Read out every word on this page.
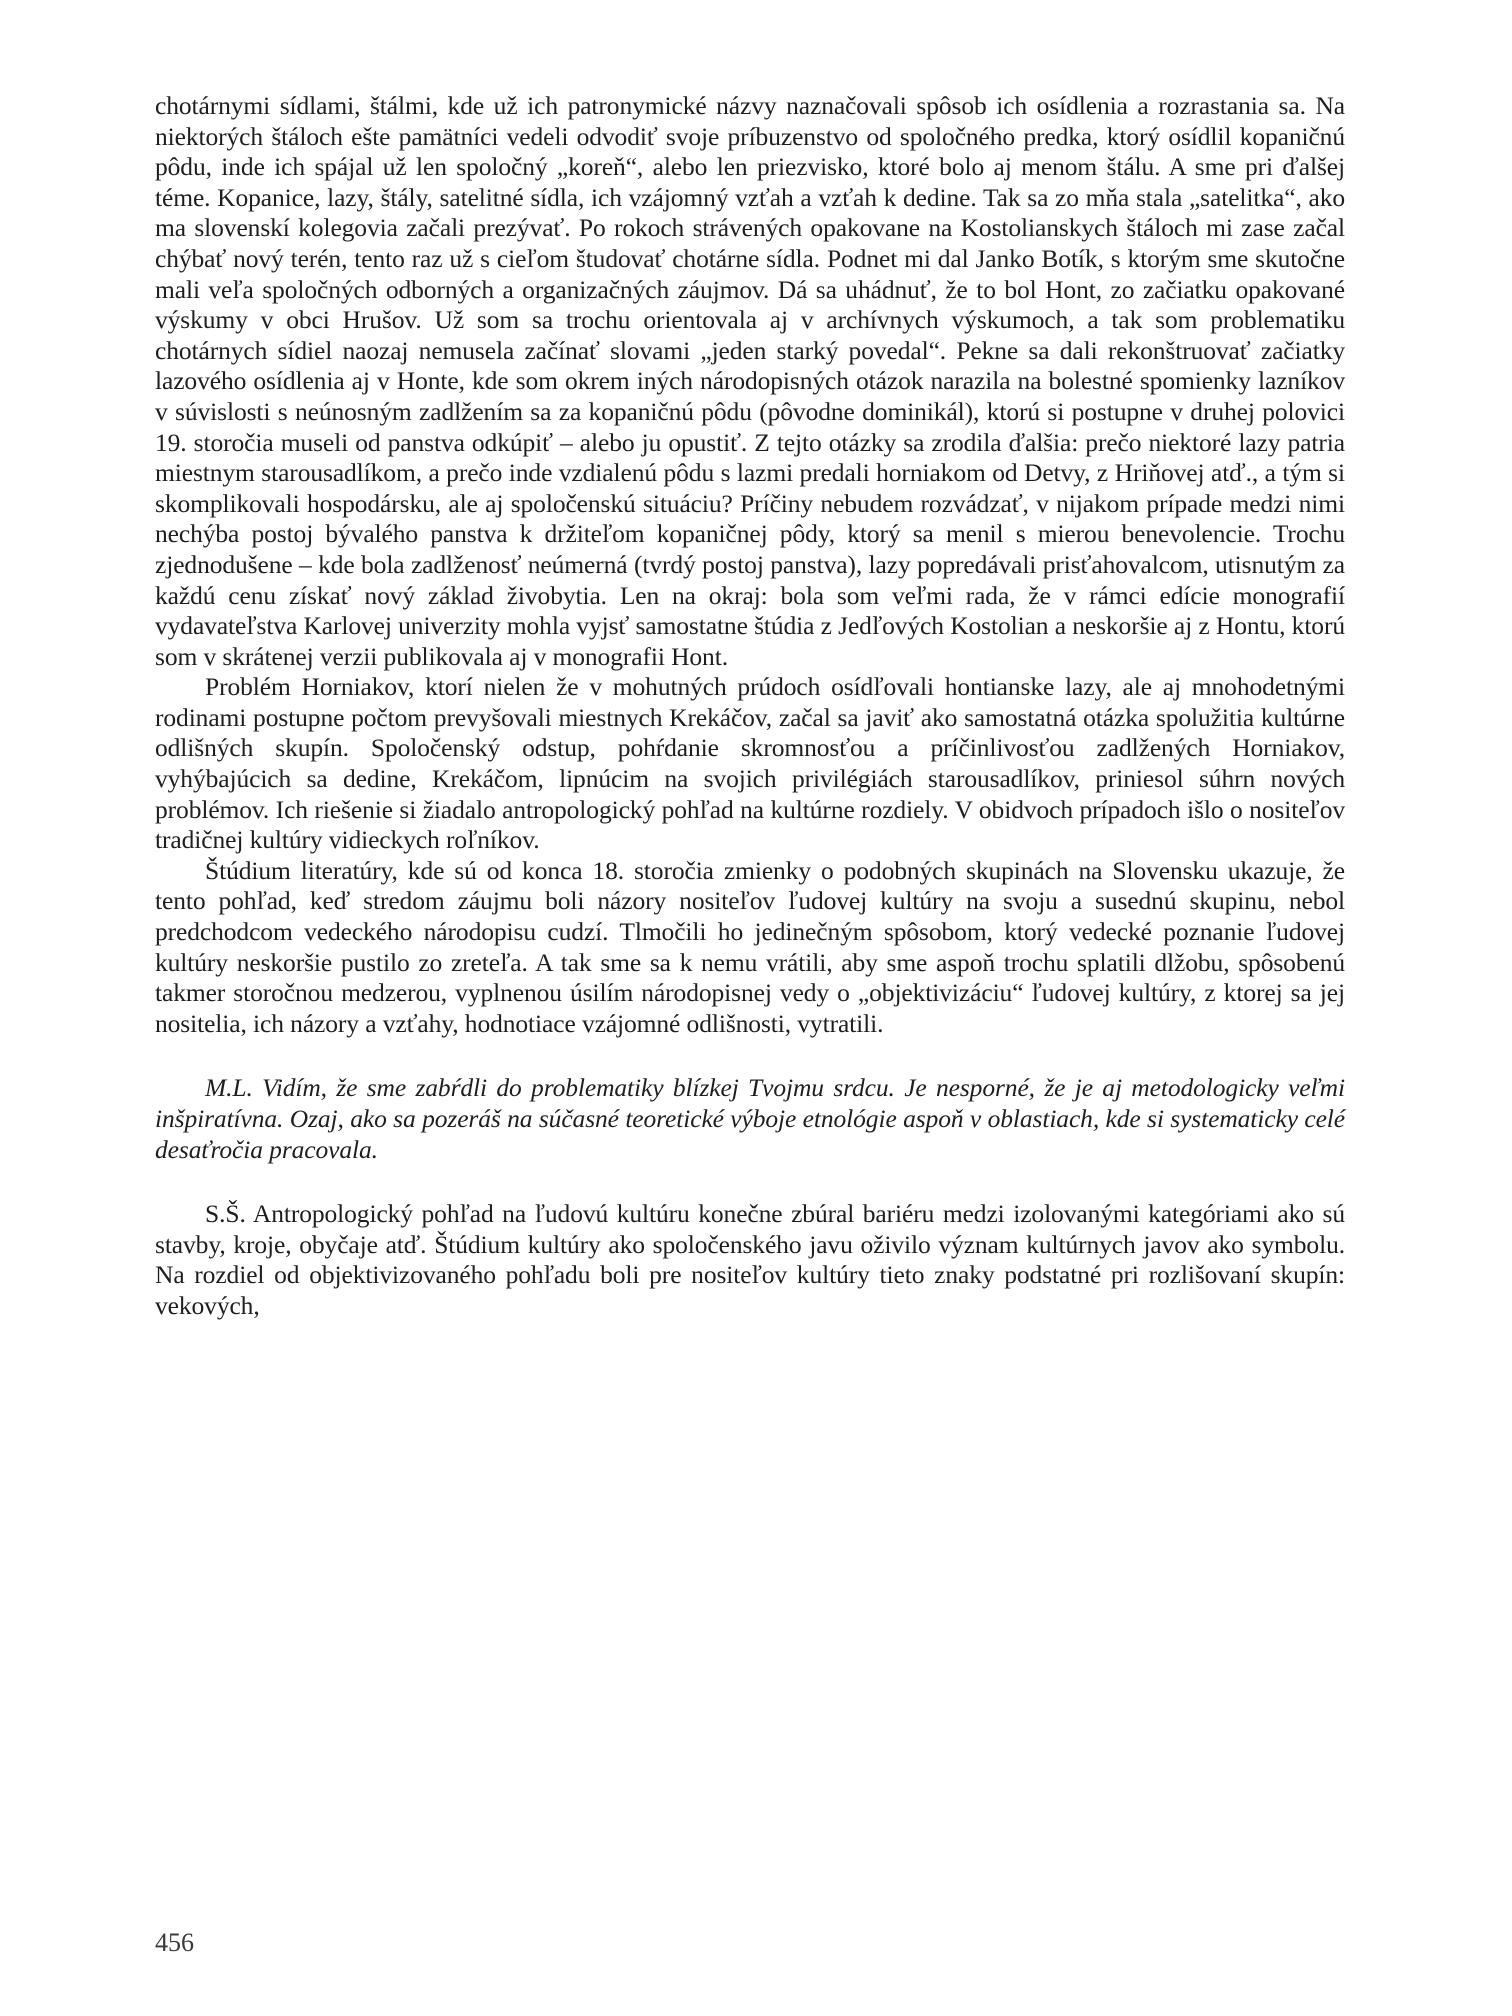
chotárnymi sídlami, štálmi, kde už ich patronymické názvy naznačovali spôsob ich osídlenia a rozrastania sa. Na niektorých štáloch ešte pamätníci vedeli odvodiť svoje príbuzenstvo od spoločného predka, ktorý osídlil kopaničnú pôdu, inde ich spájal už len spoločný „koreň“, alebo len priezvisko, ktoré bolo aj menom štálu. A sme pri ďalšej téme. Kopanice, lazy, štály, satelitné sídla, ich vzájomný vzťah a vzťah k dedine. Tak sa zo mňa stala „satelitka“, ako ma slovenskí kolegovia začali prezývať. Po rokoch strávených opakovane na Kostolianskych štáloch mi zase začal chýbať nový terén, tento raz už s cieľom študovať chotárne sídla. Podnet mi dal Janko Botík, s ktorým sme skutočne mali veľa spoločných odborných a organizačných záujmov. Dá sa uhádnuť, že to bol Hont, zo začiatku opakované výskumy v obci Hrušov. Už som sa trochu orientovala aj v archívnych výskumoch, a tak som problematiku chotárnych sídiel naozaj nemusela začínať slovami „jeden starký povedal“. Pekne sa dali rekonštruovať začiatky lazového osídlenia aj v Honte, kde som okrem iných národopisných otázok narazila na bolestné spomienky lazníkov v súvislosti s neúnosným zadlžením sa za kopaničnú pôdu (pôvodne dominikál), ktorú si postupne v druhej polovici 19. storočia museli od panstva odkúpiť – alebo ju opustiť. Z tejto otázky sa zrodila ďalšia: prečo niektoré lazy patria miestnym starousadlíkom, a prečo inde vzdialenú pôdu s lazmi predali horniakom od Detvy, z Hriňovej atď., a tým si skomplikovali hospodársku, ale aj spoločenskú situáciu? Príčiny nebudem rozvádzať, v nijakom prípade medzi nimi nechýba postoj bývalého panstva k držiteľom kopaničnej pôdy, ktorý sa menil s mierou benevolencie. Trochu zjednodušene – kde bola zadlženosť neúmerná (tvrdý postoj panstva), lazy popredávali prisťahovalcom, utisnutým za každú cenu získať nový základ živobytia. Len na okraj: bola som veľmi rada, že v rámci edície monografií vydavateľstva Karlovej univerzity mohla vyjsť samostatne štúdia z Jedľových Kostolian a neskoršie aj z Hontu, ktorú som v skrátenej verzii publikovala aj v monografii Hont.

Problém Horniakov, ktorí nielen že v mohutných prúdoch osídľovali hontianske lazy, ale aj mnohodetnými rodinami postupne počtom prevyšovali miestnych Krekáčov, začal sa javiť ako samostatná otázka spolužitia kultúrne odlišných skupín. Spoločenský odstup, pohŕdanie skromnosťou a príčinlivosťou zadlžených Horniakov, vyhýbajúcich sa dedine, Krekáčom, lipnúcim na svojich privilégiách starousadlíkov, priniesol súhrn nových problémov. Ich riešenie si žiadalo antropologický pohľad na kultúrne rozdiely. V obidvoch prípadoch išlo o nositeľov tradičnej kultúry vidieckych roľníkov.

Štúdium literatúry, kde sú od konca 18. storočia zmienky o podobných skupinách na Slovensku ukazuje, že tento pohľad, keď stredom záujmu boli názory nositeľov ľudovej kultúry na svoju a susednú skupinu, nebol predchodcom vedeckého národopisu cudzí. Tlmočili ho jedinečným spôsobom, ktorý vedecké poznanie ľudovej kultúry neskoršie pustilo zo zreteľa. A tak sme sa k nemu vrátili, aby sme aspoň trochu splatili dlžobu, spôsobenú takmer storočnou medzerou, vyplnenou úsilím národopisnej vedy o „objektivizáciu“ ľudovej kultúry, z ktorej sa jej nositelia, ich názory a vzťahy, hodnotiace vzájomné odlišnosti, vytratili.

M.L. Vidím, že sme zabŕdli do problematiky blízkej Tvojmu srdcu. Je nesporné, že je aj metodologicky veľmi inšpiratívna. Ozaj, ako sa pozeráš na súčasné teoretické výboje etnológie aspoň v oblastiach, kde si systematicky celé desaťročia pracovala.

S.Š. Antropologický pohľad na ľudovú kultúru konečne zbúral bariéru medzi izolovanými kategóriami ako sú stavby, kroje, obyčaje atď. Štúdium kultúry ako spoločenského javu oživilo význam kultúrnych javov ako symbolu. Na rozdiel od objektivizovaného pohľadu boli pre nositeľov kultúry tieto znaky podstatné pri rozlišovaní skupín: vekových,

456
